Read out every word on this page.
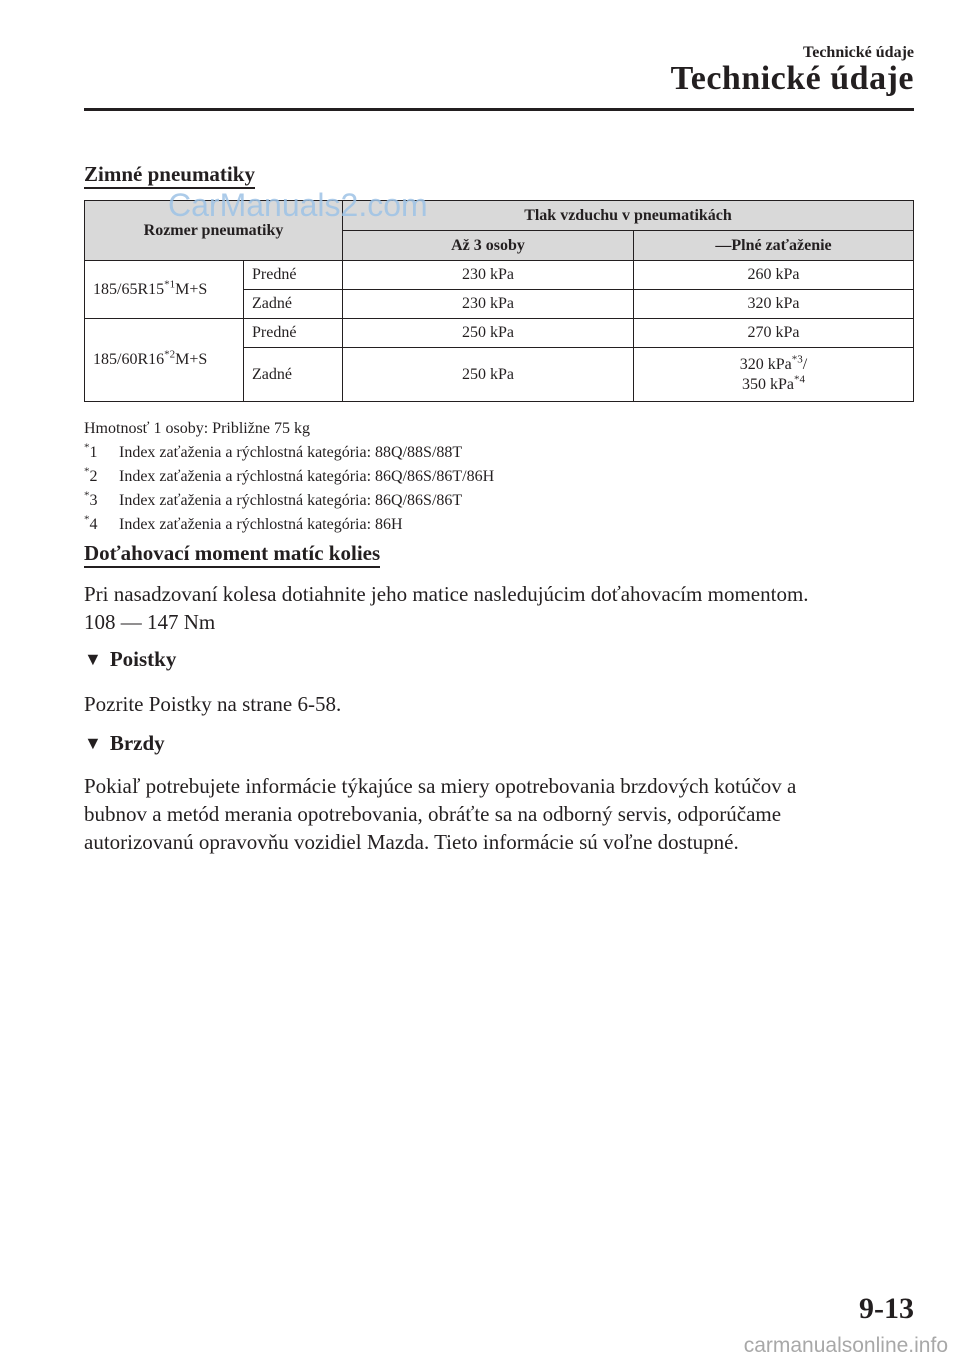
Technické údaje
Technické údaje
Zimné pneumatiky
Rozmer pneumatiky		Tlak vzduchu v pneumatikách	
		Až 3 osoby	—Plné zaťaženie
$185/65R15^{*1}M+S$	Predné	230 kPa	260 kPa
	Zadné	230 kPa	320 kPa
$185/60R16^{*2}M+S$	Predné	250 kPa	270 kPa
	Zadné	250 kPa	320 kPa$^{*3}$/
350 kPa$^{*4}$
Hmotnosť 1 osoby: Približne 75 kg
*1	Index zaťaženia a rýchlostná kategória: 88Q/88S/88T
*2	Index zaťaženia a rýchlostná kategória: 86Q/86S/86T/86H
*3	Index zaťaženia a rýchlostná kategória: 86Q/86S/86T
*4	Index zaťaženia a rýchlostná kategória: 86H
Doťahovací moment matíc kolies
Pri nasadzovaní kolesa dotiahnite jeho matice nasledujúcim doťahovacím momentom.
108 — 147 Nm
▼ Poistky
Pozrite Poistky na strane 6-58.
▼ Brzdy
Pokiaľ potrebujete informácie týkajúce sa miery opotrebovania brzdových kotúčov a
bubnov a metód merania opotrebovania, obráťte sa na odborný servis, odporúčame
autorizovanú opravovňu vozidiel Mazda. Tieto informácie sú voľne dostupné.
9-13
CarManuals2.com
carmanualsonline.info
